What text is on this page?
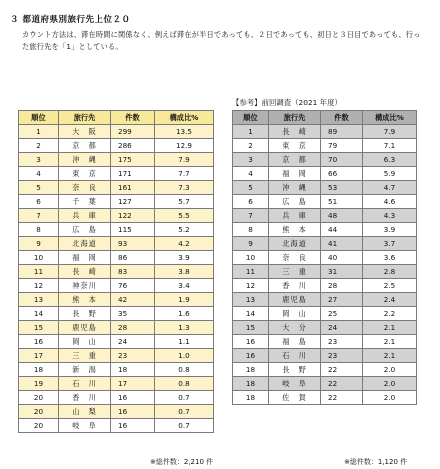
３ 都道府県別旅行先上位２０
カウント方法は、滞在時間に関係なく、例えば滞在が半日であっても、２日であっても、初日と３日目であっても、行った旅行先を「1」としている。
【参考】前回調査（2021 年度）
順位	旅行先	件数	構成比%
1	大　阪	299	13.5
2	京　都	286	12.9
3	沖　縄	175	7.9
4	東　京	171	7.7
5	奈　良	161	7.3
6	千　葉	127	5.7
7	兵　庫	122	5.5
8	広　島	115	5.2
9	北海道	93	4.2
10	福　岡	86	3.9
11	長　崎	83	3.8
12	神奈川	76	3.4
13	熊　本	42	1.9
14	長　野	35	1.6
15	鹿児島	28	1.3
16	岡　山	24	1.1
17	三　重	23	1.0
18	新　潟	18	0.8
19	石　川	17	0.8
20	香　川	16	0.7
20	山　梨	16	0.7
20	岐　阜	16	0.7
順位	旅行先	件数	構成比%
1	長　崎	89	7.9
2	東　京	79	7.1
3	京　都	70	6.3
4	福　岡	66	5.9
5	沖　縄	53	4.7
6	広　島	51	4.6
7	兵　庫	48	4.3
8	熊　本	44	3.9
9	北海道	41	3.7
10	奈　良	40	3.6
11	三　重	31	2.8
12	香　川	28	2.5
13	鹿児島	27	2.4
14	岡　山	25	2.2
15	大　分	24	2.1
16	福　島	23	2.1
16	石　川	23	2.1
18	長　野	22	2.0
18	岐　阜	22	2.0
18	佐　賀	22	2.0
※総件数：2,210 件	※総件数：1,120 件
